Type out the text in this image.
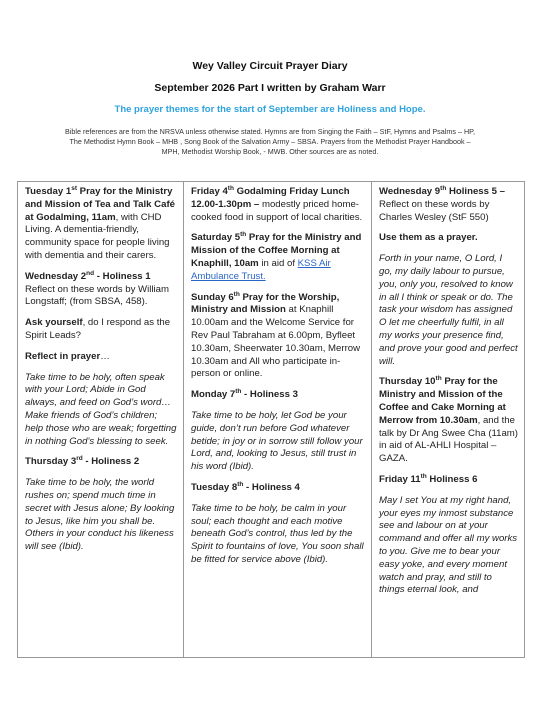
Wey Valley Circuit Prayer Diary
September 2026 Part I written by Graham Warr
The prayer themes for the start of September are Holiness and Hope.
Bible references are from the NRSVA unless otherwise stated. Hymns are from Singing the Faith – StF, Hymns and Psalms – HP, The Methodist Hymn Book – MHB , Song Book of the Salvation Army – SBSA. Prayers from the Methodist Prayer Handbook – MPH, Methodist Worship Book, - MWB. Other sources are as noted.

Tuesday 1st Pray for the Ministry and Mission of Tea and Talk Café at Godalming, 11am, with CHD Living. A dementia-friendly, community space for people living with dementia and their carers.

Wednesday 2nd - Holiness 1
Reflect on these words by William Longstaff; (from SBSA, 458).

Ask yourself, do I respond as the Spirit Leads?

Reflect in prayer…

Take time to be holy, often speak with your Lord; Abide in God always, and feed on God’s word… Make friends of God’s children; help those who are weak; forgetting in nothing God’s blessing to seek.

Thursday 3rd - Holiness 2

Take time to be holy, the world rushes on; spend much time in secret with Jesus alone; By looking to Jesus, like him you shall be. Others in your conduct his likeness will see (Ibid).

Friday 4th Godalming Friday Lunch 12.00-1.30pm – modestly priced home-cooked food in support of local charities.

Saturday 5th Pray for the Ministry and Mission of the Coffee Morning at Knaphill, 10am in aid of KSS Air Ambulance Trust.

Sunday 6th Pray for the Worship, Ministry and Mission at Knaphill 10.00am and the Welcome Service for Rev Paul Tabraham at 6.00pm, Byfleet 10.30am, Sheerwater 10.30am, Merrow 10.30am and All who participate in-person or online.

Monday 7th - Holiness 3

Take time to be holy, let God be your guide, don’t run before God whatever betide; in joy or in sorrow still follow your Lord, and, looking to Jesus, still trust in his word (Ibid).

Tuesday 8th - Holiness 4

Take time to be holy, be calm in your soul; each thought and each motive beneath God’s control, thus led by the Spirit to fountains of love, You soon shall be fitted for service above (Ibid).

Wednesday 9th Holiness 5 – Reflect on these words by Charles Wesley (StF 550)

Use them as a prayer.

Forth in your name, O Lord, I go, my daily labour to pursue, you, only you, resolved to know in all I think or speak or do. The task your wisdom has assigned O let me cheerfully fulfil, in all my works your presence find, and prove your good and perfect will.

Thursday 10th Pray for the Ministry and Mission of the Coffee and Cake Morning at Merrow from 10.30am, and the talk by Dr Ang Swee Cha (11am) in aid of AL-AHLI Hospital – GAZA.

Friday 11th Holiness 6

May I set You at my right hand, your eyes my inmost substance see and labour on at your command and offer all my works to you. Give me to bear your easy yoke, and every moment watch and pray, and still to things eternal look, and
